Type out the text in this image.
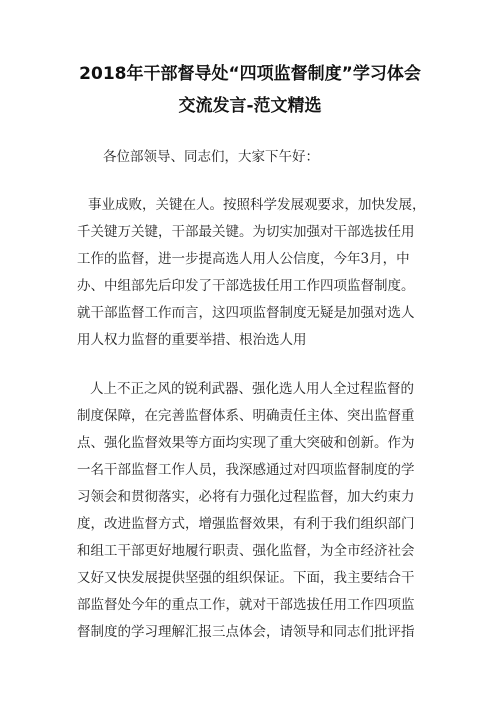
2018年干部督导处“四项监督制度”学习体会
交流发言-范文精选
各位部领导、同志们，大家下午好：
事业成败，关键在人。按照科学发展观要求，加快发展，
千关键万关键，干部最关键。为切实加强对干部选拔任用
工作的监督，进一步提高选人用人公信度，今年3月，中
办、中组部先后印发了干部选拔任用工作四项监督制度。
就干部监督工作而言，这四项监督制度无疑是加强对选人
用人权力监督的重要举措、根治选人用
人上不正之风的锐利武器、强化选人用人全过程监督的
制度保障，在完善监督体系、明确责任主体、突出监督重
点、强化监督效果等方面均实现了重大突破和创新。作为
一名干部监督工作人员，我深感通过对四项监督制度的学
习领会和贯彻落实，必将有力强化过程监督，加大约束力
度，改进监督方式，增强监督效果，有利于我们组织部门
和组工干部更好地履行职责、强化监督，为全市经济社会
又好又快发展提供坚强的组织保证。下面，我主要结合干
部监督处今年的重点工作，就对干部选拔任用工作四项监
督制度的学习理解汇报三点体会，请领导和同志们批评指
